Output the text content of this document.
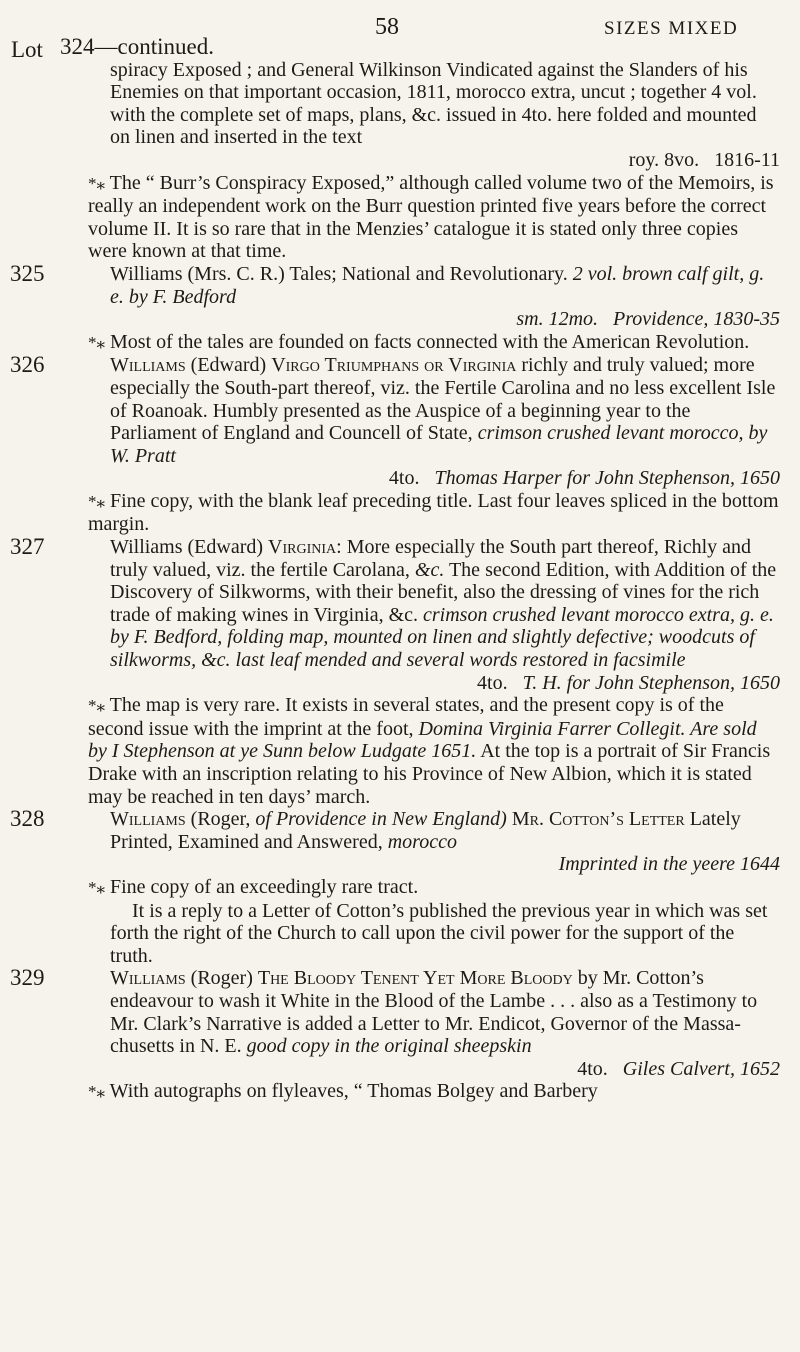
58	SIZES MIXED
Lot 324—continued.
spiracy Exposed ; and General Wilkinson Vindicated against the Slanders of his Enemies on that important occasion, 1811, morocco extra, uncut ; together 4 vol. with the complete set of maps, plans, &c. issued in 4to. here folded and mounted on linen and inserted in the text
roy. 8vo. 1816-11
*⁎ The “ Burr’s Conspiracy Exposed,” although called volume two of the Memoirs, is really an independent work on the Burr question printed five years before the correct volume II. It is so rare that in the Menzies’ catalogue it is stated only three copies were known at that time.
325	Williams (Mrs. C. R.) Tales; National and Revolutionary. 2 vol. brown calf gilt, g. e. by F. Bedford
sm. 12mo. Providence, 1830-35
*⁎ Most of the tales are founded on facts connected with the American Revolution.
326	Williams (Edward) Virgo Triumphans or Virginia richly and truly valued; more especially the South-part thereof, viz. the Fertile Carolina and no less excellent Isle of Roanoak. Humbly presented as the Auspice of a beginning year to the Parliament of England and Councell of State, crimson crushed levant morocco, by W. Pratt
4to. Thomas Harper for John Stephenson, 1650
*⁎ Fine copy, with the blank leaf preceding title. Last four leaves spliced in the bottom margin.
327	Williams (Edward) Virginia: More especially the South part thereof, Richly and truly valued, viz. the fertile Carolana, &c. The second Edition, with Addition of the Discovery of Silkworms, with their benefit, also the dressing of vines for the rich trade of making wines in Virginia, &c. crimson crushed levant morocco extra, g. e. by F. Bedford, folding map, mounted on linen and slightly defective; woodcuts of silkworms, &c. last leaf mended and several words restored in facsimile
4to. T. H. for John Stephenson, 1650
*⁎ The map is very rare. It exists in several states, and the present copy is of the second issue with the imprint at the foot, Domina Virginia Farrer Collegit. Are sold by I Stephenson at ye Sunn below Ludgate 1651. At the top is a portrait of Sir Francis Drake with an inscription relating to his Province of New Albion, which it is stated may be reached in ten days’ march.
328	Williams (Roger, of Providence in New England) Mr. Cotton’s Letter Lately Printed, Examined and Answered, morocco
Imprinted in the yeere 1644
*⁎ Fine copy of an exceedingly rare tract.
It is a reply to a Letter of Cotton’s published the previous year in which was set forth the right of the Church to call upon the civil power for the support of the truth.
329	Williams (Roger) The Bloody Tenent Yet More Bloody by Mr. Cotton’s endeavour to wash it White in the Blood of the Lambe . . . also as a Testimony to Mr. Clark’s Narrative is added a Letter to Mr. Endicot, Governor of the Massa-chusetts in N. E. good copy in the original sheepskin
4to. Giles Calvert, 1652
*⁎ With autographs on flyleaves, “ Thomas Bolgey and Barbery
